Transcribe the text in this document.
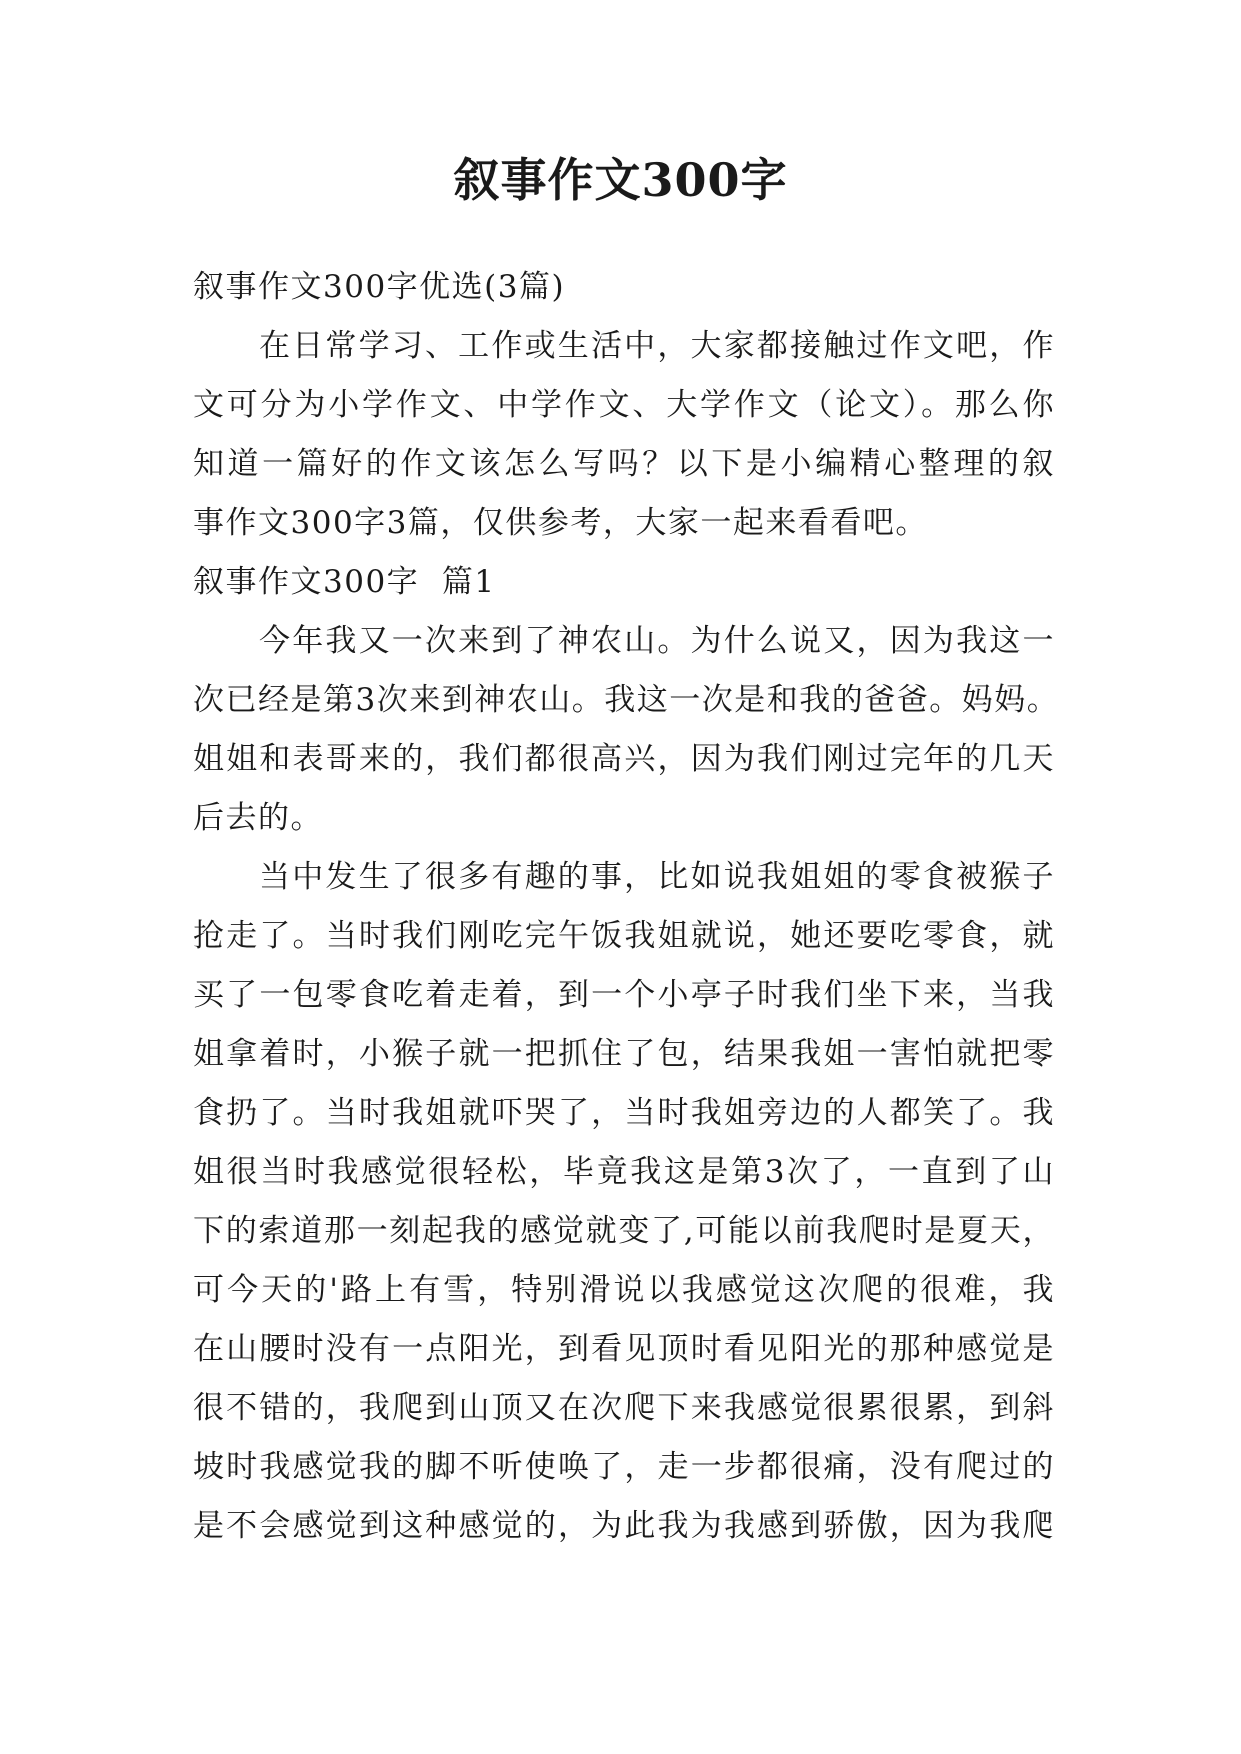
叙事作文300字
叙事作文300字优选(3篇)
在日常学习、工作或生活中，大家都接触过作文吧，作
文可分为小学作文、中学作文、大学作文（论文）。那么你
知道一篇好的作文该怎么写吗？以下是小编精心整理的叙
事作文300字3篇，仅供参考，大家一起来看看吧。
叙事作文300字  篇1
今年我又一次来到了神农山。为什么说又，因为我这一
次已经是第3次来到神农山。我这一次是和我的爸爸。妈妈。
姐姐和表哥来的，我们都很高兴，因为我们刚过完年的几天
后去的。
当中发生了很多有趣的事，比如说我姐姐的零食被猴子
抢走了。当时我们刚吃完午饭我姐就说，她还要吃零食，就
买了一包零食吃着走着，到一个小亭子时我们坐下来，当我
姐拿着时，小猴子就一把抓住了包，结果我姐一害怕就把零
食扔了。当时我姐就吓哭了，当时我姐旁边的人都笑了。我
姐很当时我感觉很轻松，毕竟我这是第3次了，一直到了山
下的索道那一刻起我的感觉就变了,可能以前我爬时是夏天，
可今天的'路上有雪，特别滑说以我感觉这次爬的很难，我
在山腰时没有一点阳光，到看见顶时看见阳光的那种感觉是
很不错的，我爬到山顶又在次爬下来我感觉很累很累，到斜
坡时我感觉我的脚不听使唤了，走一步都很痛，没有爬过的
是不会感觉到这种感觉的，为此我为我感到骄傲，因为我爬
